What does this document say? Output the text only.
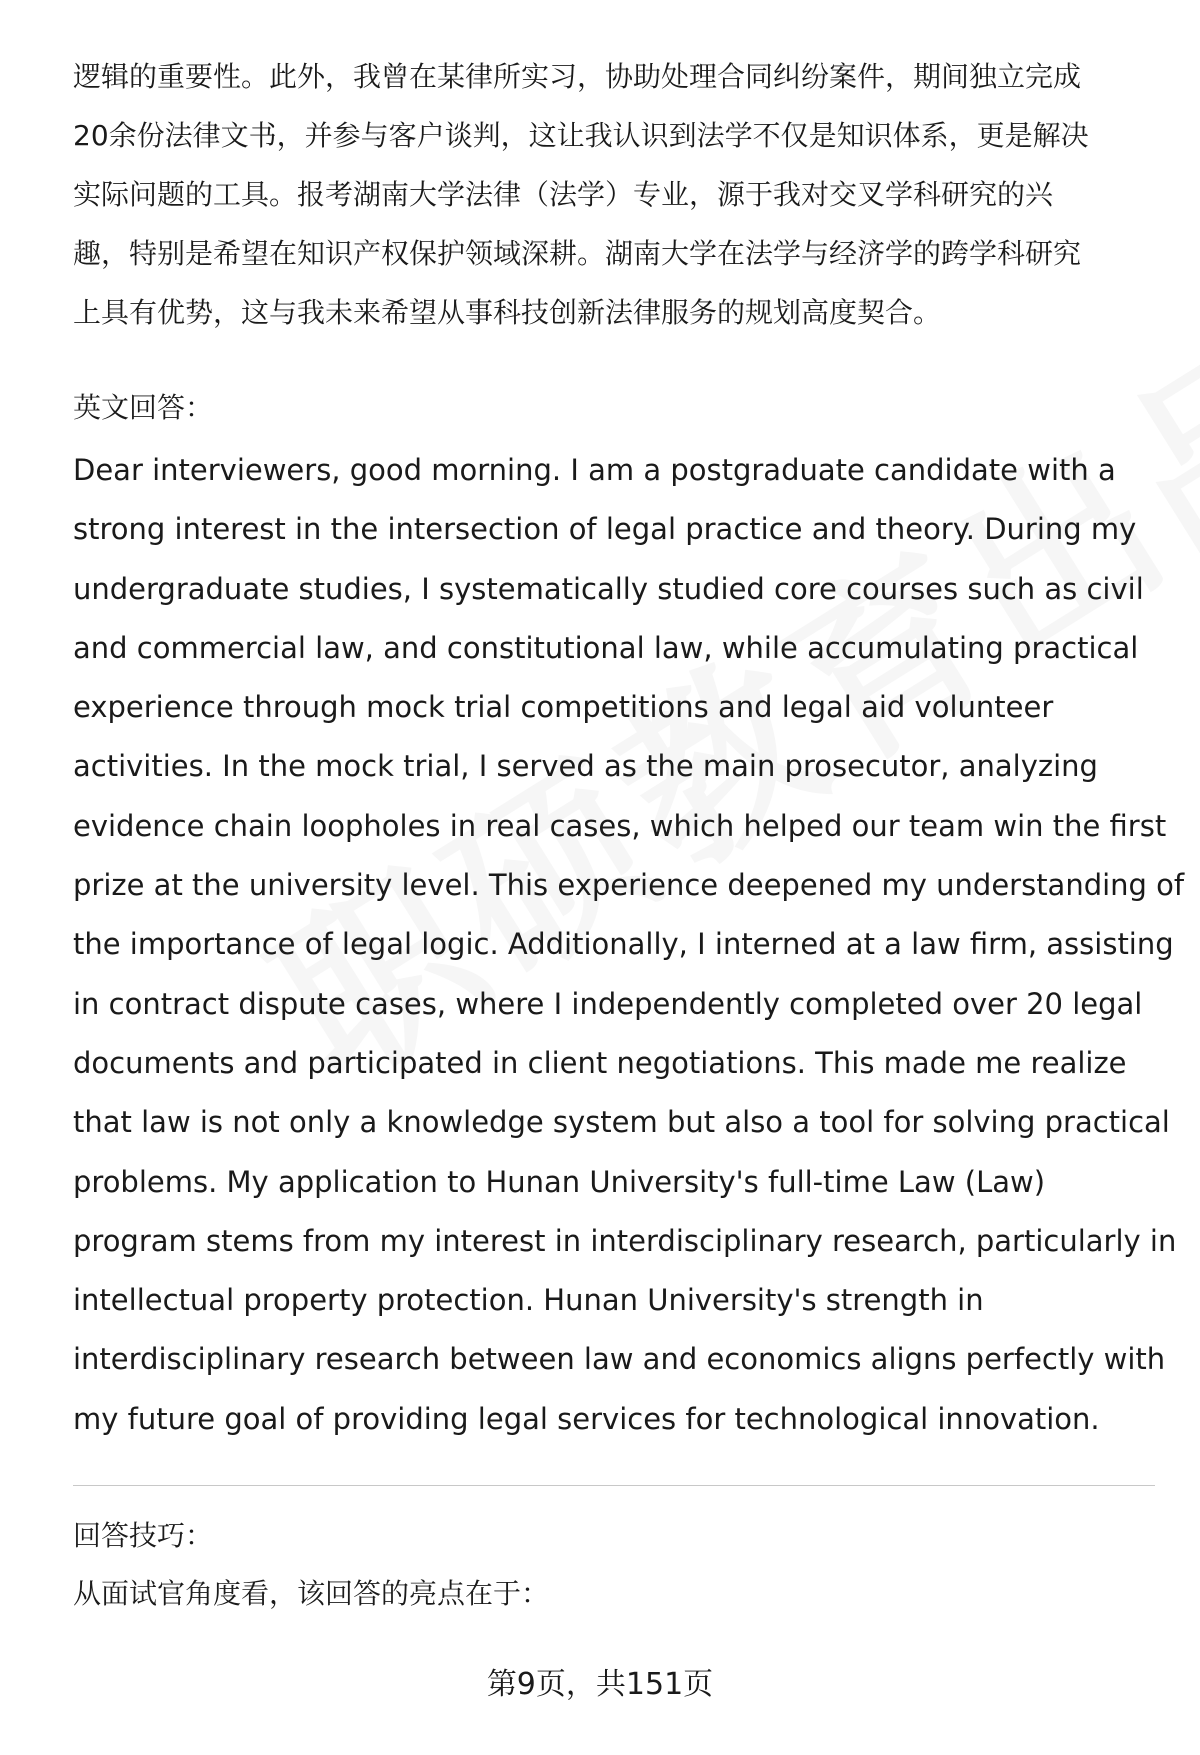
逻辑的重要性。此外，我曾在某律所实习，协助处理合同纠纷案件，期间独立完成
20余份法律文书，并参与客户谈判，这让我认识到法学不仅是知识体系，更是解决
实际问题的工具。报考湖南大学法律（法学）专业，源于我对交叉学科研究的兴
趣，特别是希望在知识产权保护领域深耕。湖南大学在法学与经济学的跨学科研究
上具有优势，这与我未来希望从事科技创新法律服务的规划高度契合。
英文回答：
Dear interviewers, good morning. I am a postgraduate candidate with a
strong interest in the intersection of legal practice and theory. During my
undergraduate studies, I systematically studied core courses such as civil
and commercial law, and constitutional law, while accumulating practical
experience through mock trial competitions and legal aid volunteer
activities. In the mock trial, I served as the main prosecutor, analyzing
evidence chain loopholes in real cases, which helped our team win the first
prize at the university level. This experience deepened my understanding of
the importance of legal logic. Additionally, I interned at a law firm, assisting
in contract dispute cases, where I independently completed over 20 legal
documents and participated in client negotiations. This made me realize
that law is not only a knowledge system but also a tool for solving practical
problems. My application to Hunan University's full-time Law (Law)
program stems from my interest in interdisciplinary research, particularly in
intellectual property protection. Hunan University's strength in
interdisciplinary research between law and economics aligns perfectly with
my future goal of providing legal services for technological innovation.
回答技巧：
从面试官角度看，该回答的亮点在于：
第9页，共151页
